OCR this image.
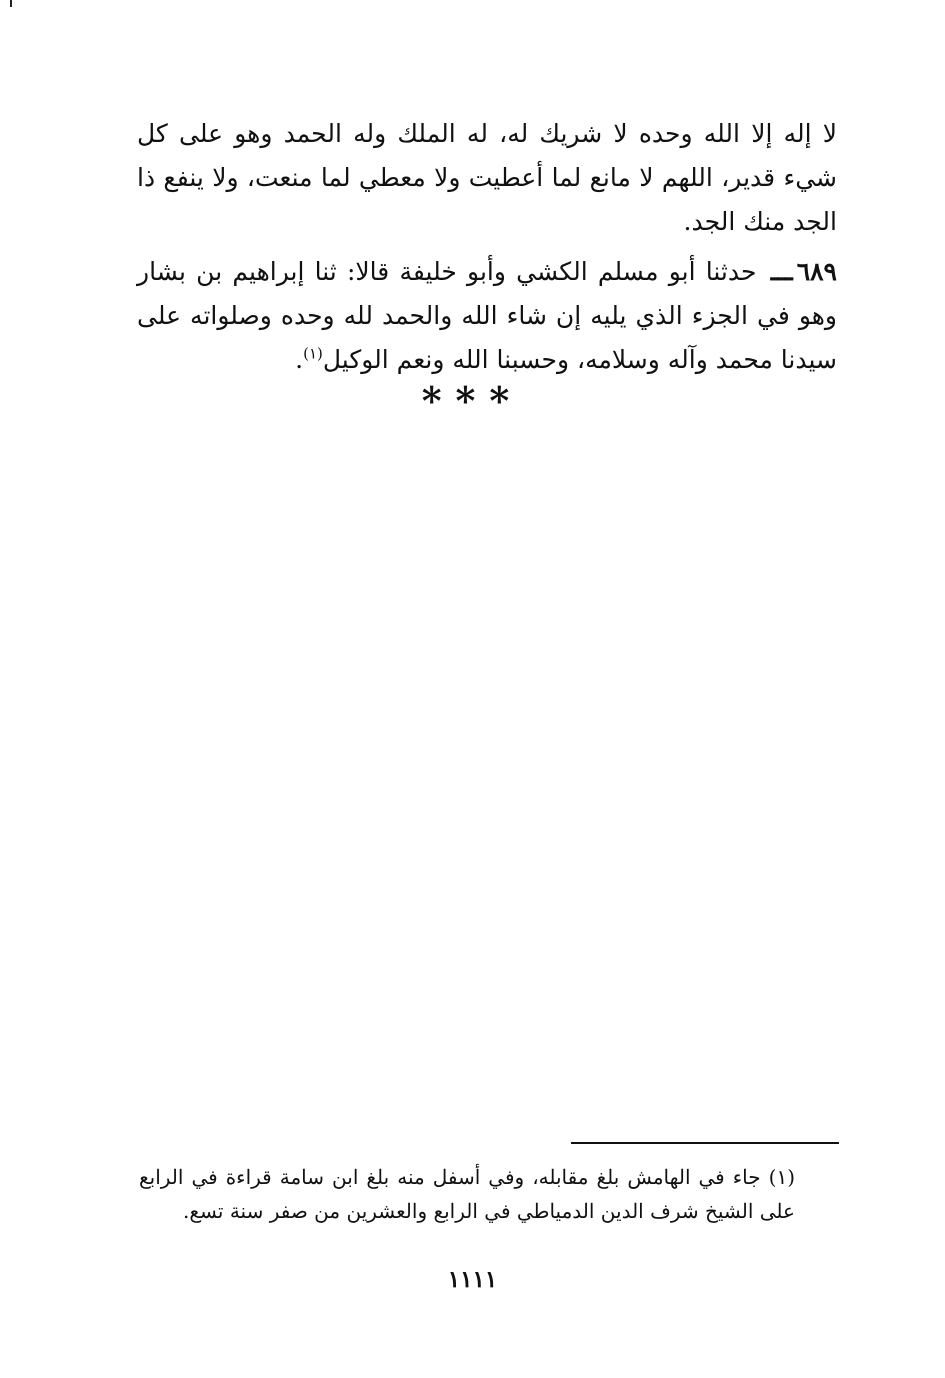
لا إله إلا الله وحده لا شريك له، له الملك وله الحمد وهو على كل شيء قدير، اللهم لا مانع لما أعطيت ولا معطي لما منعت، ولا ينفع ذا الجد منك الجد.

٦٨٩ـــ حدثنا أبو مسلم الكشي وأبو خليفة قالا: ثنا إبراهيم بن بشار وهو في الجزء الذي يليه إن شاء الله والحمد لله وحده وصلواته على سيدنا محمد وآله وسلامه، وحسبنا الله ونعم الوكيل$^{(١)}$.

***

(١) جاء في الهامش بلغ مقابله، وفي أسفل منه بلغ ابن سامة قراءة في الرابع على الشيخ شرف الدين الدمياطي في الرابع والعشرين من صفر سنة تسع.

١١١١
